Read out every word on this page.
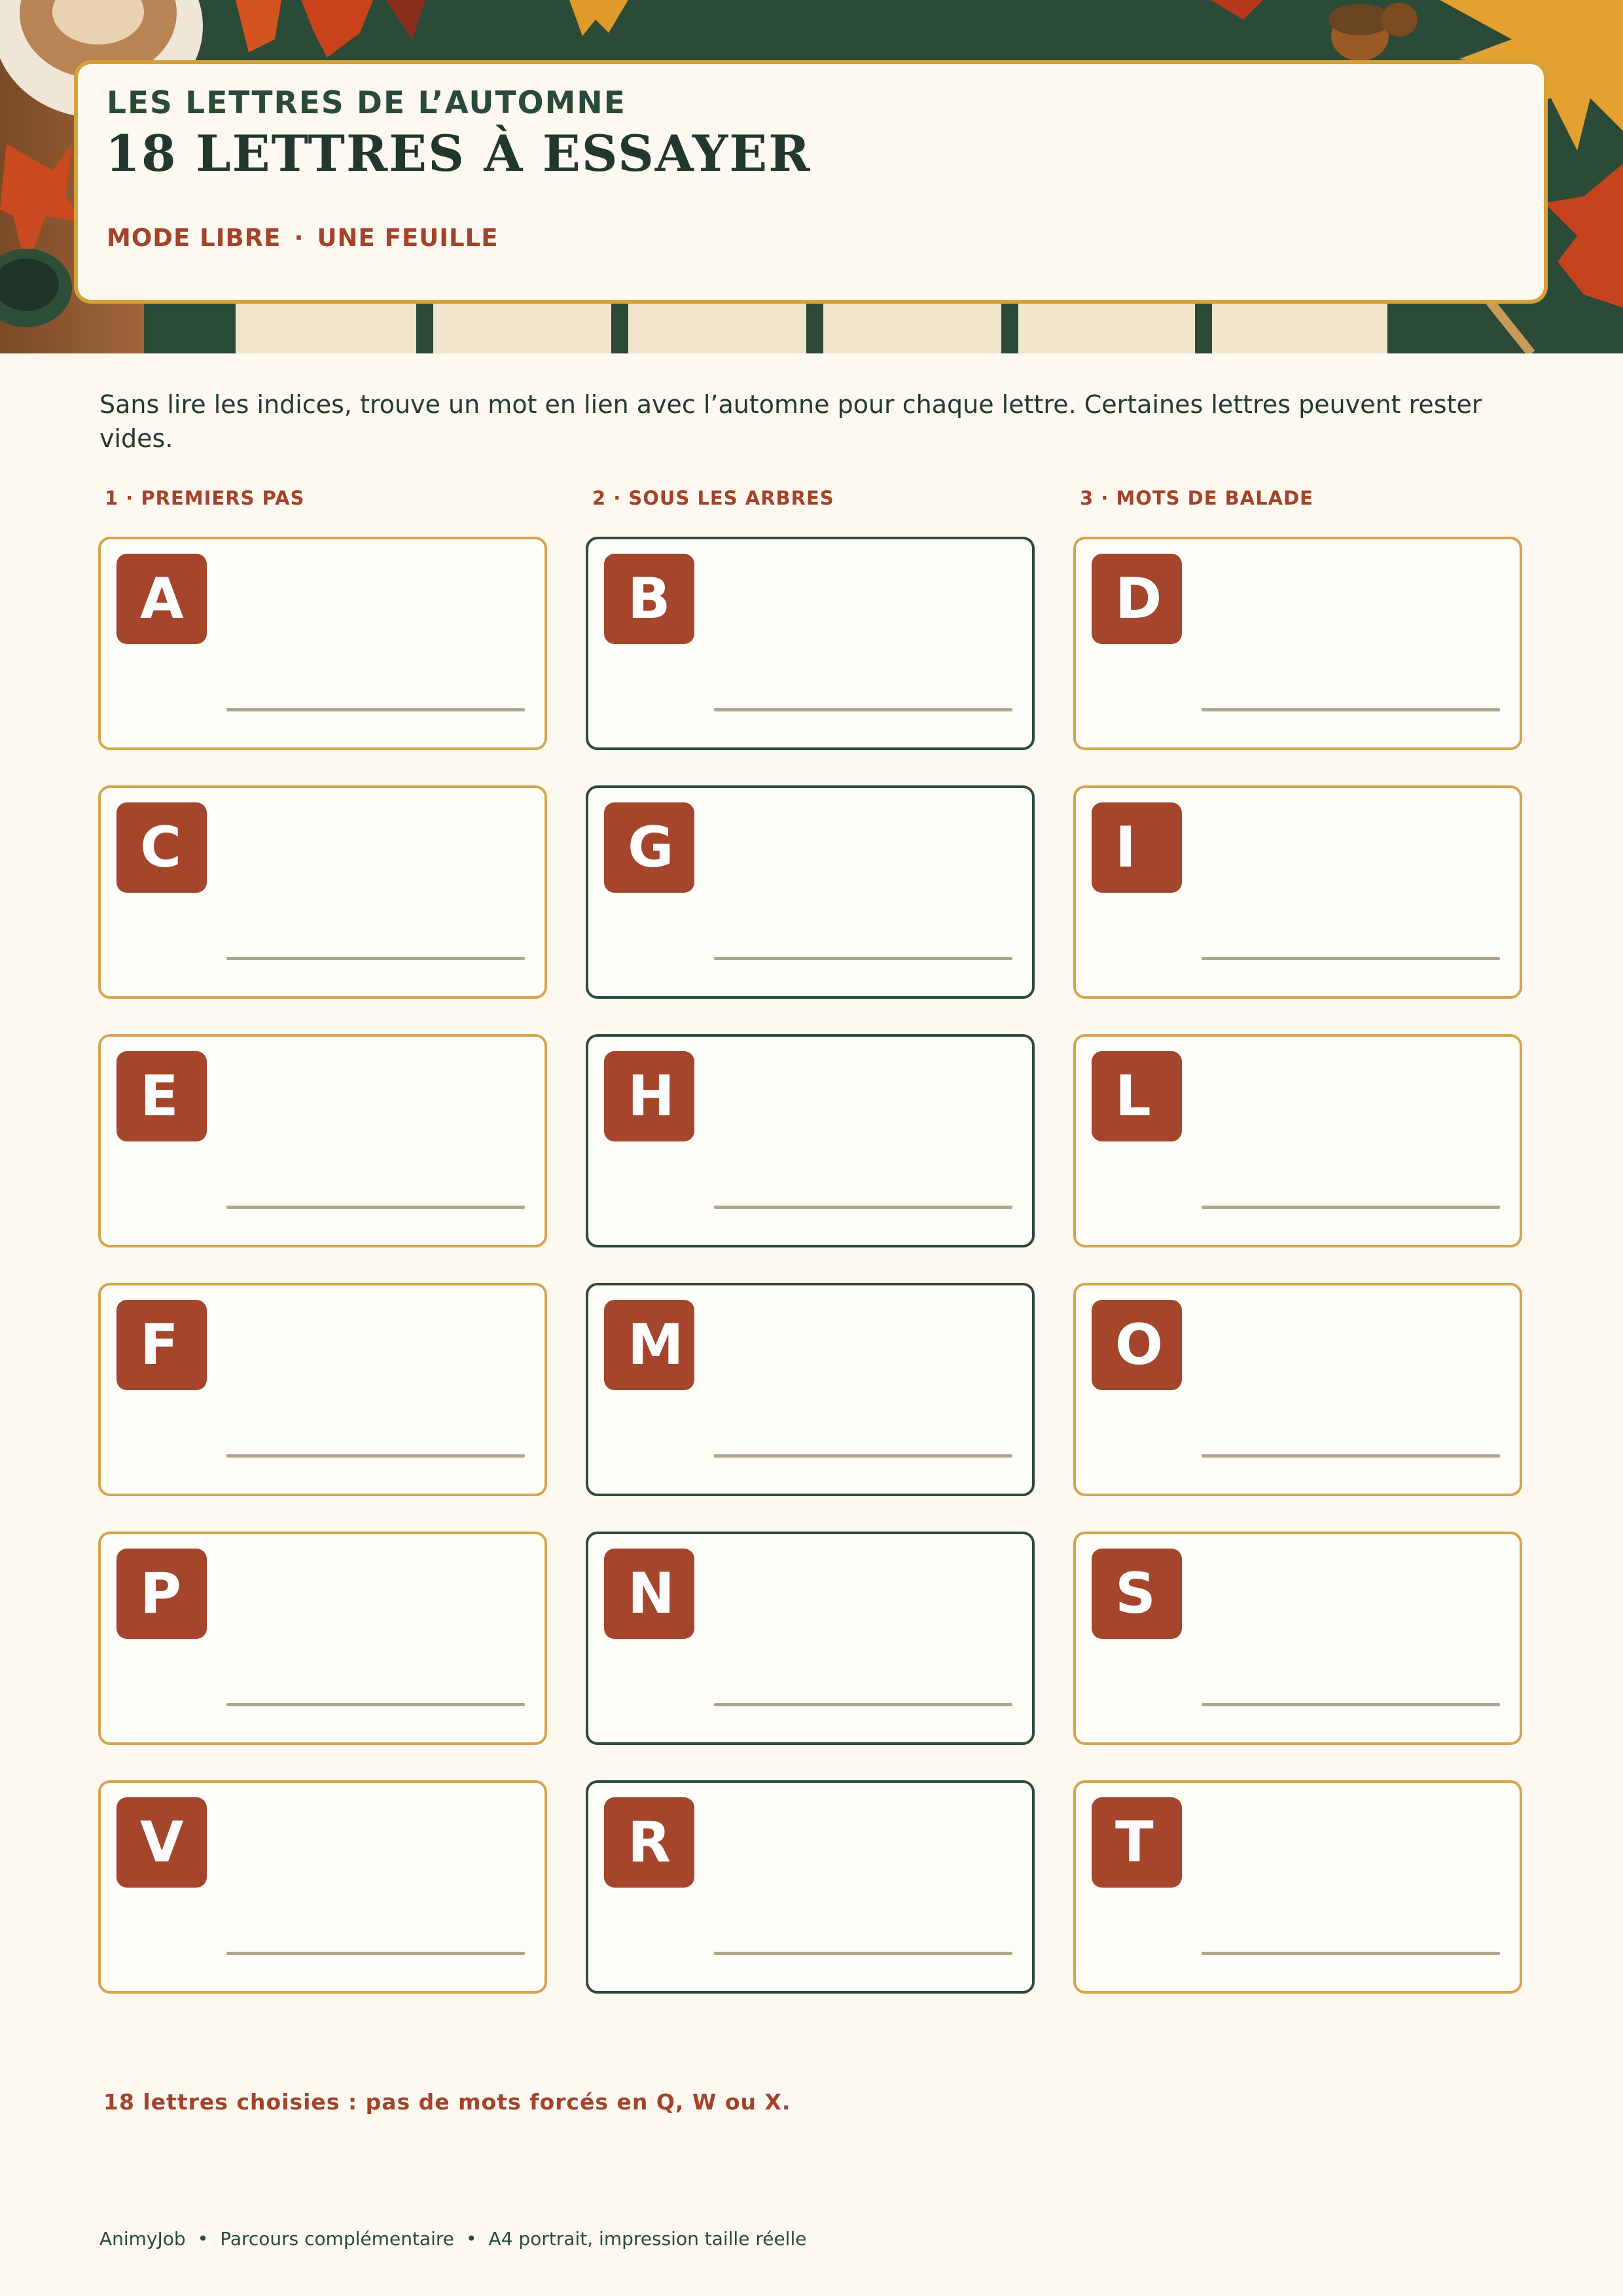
LES LETTRES DE L’AUTOMNE
18 LETTRES À ESSAYER
MODE LIBRE · UNE FEUILLE
Sans lire les indices, trouve un mot en lien avec l’automne pour chaque lettre. Certaines lettres peuvent rester vides.
1 · PREMIERS PAS	2 · SOUS LES ARBRES	3 · MOTS DE BALADE
A
C
E
F
P
V
B
G
H
M
N
R
D
I
L
O
S
T
18 lettres choisies : pas de mots forcés en Q, W ou X.
AnimyJob • Parcours complémentaire • A4 portrait, impression taille réelle
